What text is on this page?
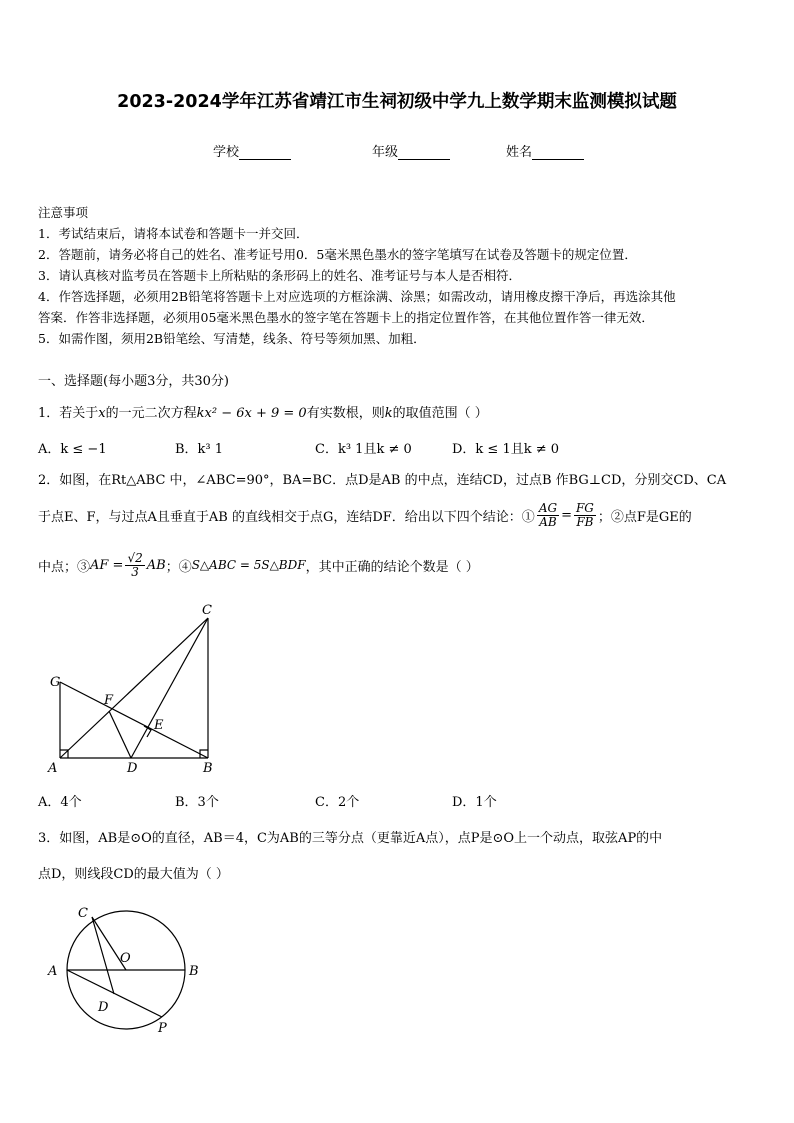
2023-2024学年江苏省靖江市生祠初级中学九上数学期末监测模拟试题
学校	年级	姓名
注意事项
1．考试结束后，请将本试卷和答题卡一并交回．
2．答题前，请务必将自己的姓名、准考证号用0．5毫米黑色墨水的签字笔填写在试卷及答题卡的规定位置．
3．请认真核对监考员在答题卡上所粘贴的条形码上的姓名、准考证号与本人是否相符．
4．作答选择题，必须用2B铅笔将答题卡上对应选项的方框涂满、涂黑；如需改动，请用橡皮擦干净后，再选涂其他
答案．作答非选择题，必须用05毫米黑色墨水的签字笔在答题卡上的指定位置作答，在其他位置作答一律无效．
5．如需作图，须用2B铅笔绘、写清楚，线条、符号等须加黑、加粗．
一、选择题(每小题3分，共30分)
1．若关于x的一元二次方程kx² − 6x + 9 = 0有实数根，则k的取值范围（ ）
A．k ≤ −1	B．k³ 1	C．k³ 1且k ≠ 0	D．k ≤ 1且k ≠ 0
2．如图，在Rt△ABC 中，∠ABC=90°，BA=BC．点D是AB 的中点，连结CD，过点B 作BG⊥CD，分别交CD、CA
于点E、F，与过点A且垂直于AB 的直线相交于点G，连结DF．给出以下四个结论：① $\frac{AG}{AB} = \frac{FG}{FB}$ ；②点F是GE的
中点；③ AF = $\frac{√2}{3}$ AB ；④ S△ABC = 5S△BDF ，其中正确的结论个数是（ ）
C
G
F
E
A	D	B
A．4个	B．3个	C．2个	D．1个
3．如图，AB是⊙O的直径，AB＝4，C为AB的三等分点（更靠近A点），点P是⊙O上一个动点，取弦AP的中
点D，则线段CD的最大值为（ ）
C
O
A	B
D
P
